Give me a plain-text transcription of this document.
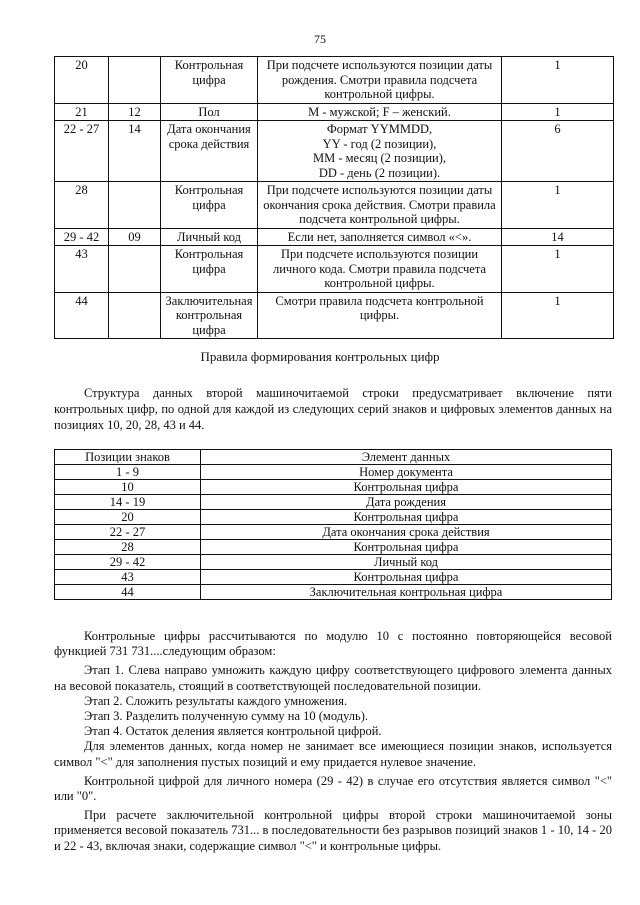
75
20		Контрольная цифра	При подсчете используются позиции даты рождения. Смотри правила подсчета контрольной цифры.	1
21	12	Пол	M - мужской; F – женский.	1
22 - 27	14	Дата окончания срока действия	Формат YYMMDD,
YY - год (2 позиции),
MM - месяц (2 позиции),
DD - день (2 позиции).	6
28		Контрольная цифра	При подсчете используются позиции даты окончания срока действия. Смотри правила подсчета контрольной цифры.	1
29 - 42	09	Личный код	Если нет, заполняется символ «<».	14
43		Контрольная цифра	При подсчете используются позиции личного кода. Смотри правила подсчета контрольной цифры.	1
44		Заключительная контрольная цифра	Смотри правила подсчета контрольной цифры.	1
Правила формирования контрольных цифр

Структура данных второй машиночитаемой строки предусматривает включение пяти контрольных цифр, по одной для каждой из следующих серий знаков и цифровых элементов данных на позициях 10, 20, 28, 43 и 44.

Позиции знаков	Элемент данных
1 - 9	Номер документа
10	Контрольная цифра
14 - 19	Дата рождения
20	Контрольная цифра
22 - 27	Дата окончания срока действия
28	Контрольная цифра
29 - 42	Личный код
43	Контрольная цифра
44	Заключительная контрольная цифра

Контрольные цифры рассчитываются по модулю 10 с постоянно повторяющейся весовой функцией 731 731....следующим образом:

Этап 1. Слева направо умножить каждую цифру соответствующего цифрового элемента данных на весовой показатель, стоящий в соответствующей последовательной позиции.

Этап 2. Сложить результаты каждого умножения.

Этап 3. Разделить полученную сумму на 10 (модуль).

Этап 4. Остаток деления является контрольной цифрой.

Для элементов данных, когда номер не занимает все имеющиеся позиции знаков, используется символ "<" для заполнения пустых позиций и ему придается нулевое значение.

Контрольной цифрой для личного номера (29 - 42) в случае его отсутствия является символ "<" или "0".

При расчете заключительной контрольной цифры второй строки машиночитаемой зоны применяется весовой показатель 731... в последовательности без разрывов позиций знаков 1 - 10, 14 - 20 и 22 - 43, включая знаки, содержащие символ "<" и контрольные цифры.
